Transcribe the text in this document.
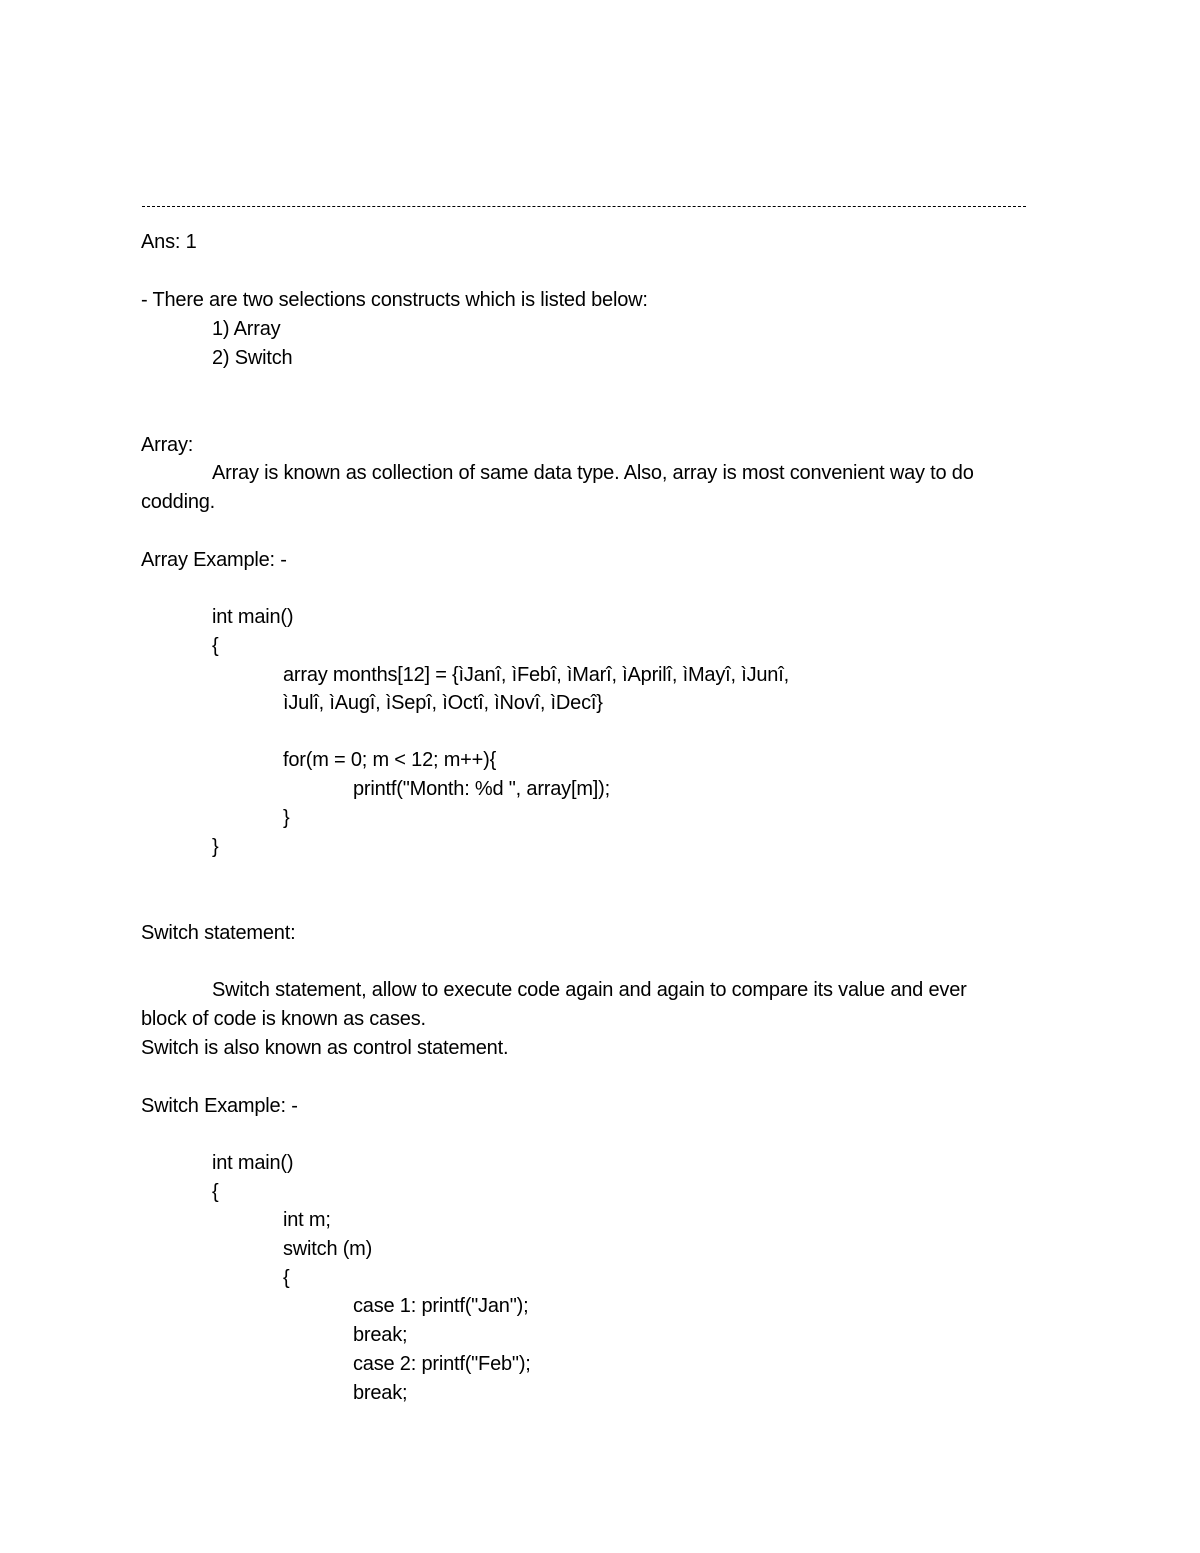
Ans: 1
- There are two selections constructs which is listed below:
1) Array
2) Switch
Array:
Array is known as collection of same data type. Also, array is most convenient way to do
codding.
Array Example: -
int main()
{
array months[12] = {ìJanî, ìFebî, ìMarî, ìAprilî, ìMayî, ìJunî,
ìJulî, ìAugî, ìSepî, ìOctî, ìNovî, ìDecî}
for(m = 0; m < 12; m++){
printf("Month: %d ", array[m]);
}
}
Switch statement:
Switch statement, allow to execute code again and again to compare its value and ever
block of code is known as cases.
Switch is also known as control statement.
Switch Example: -
int main()
{
int m;
switch (m)
{
case 1: printf("Jan");
break;
case 2: printf("Feb");
break;
